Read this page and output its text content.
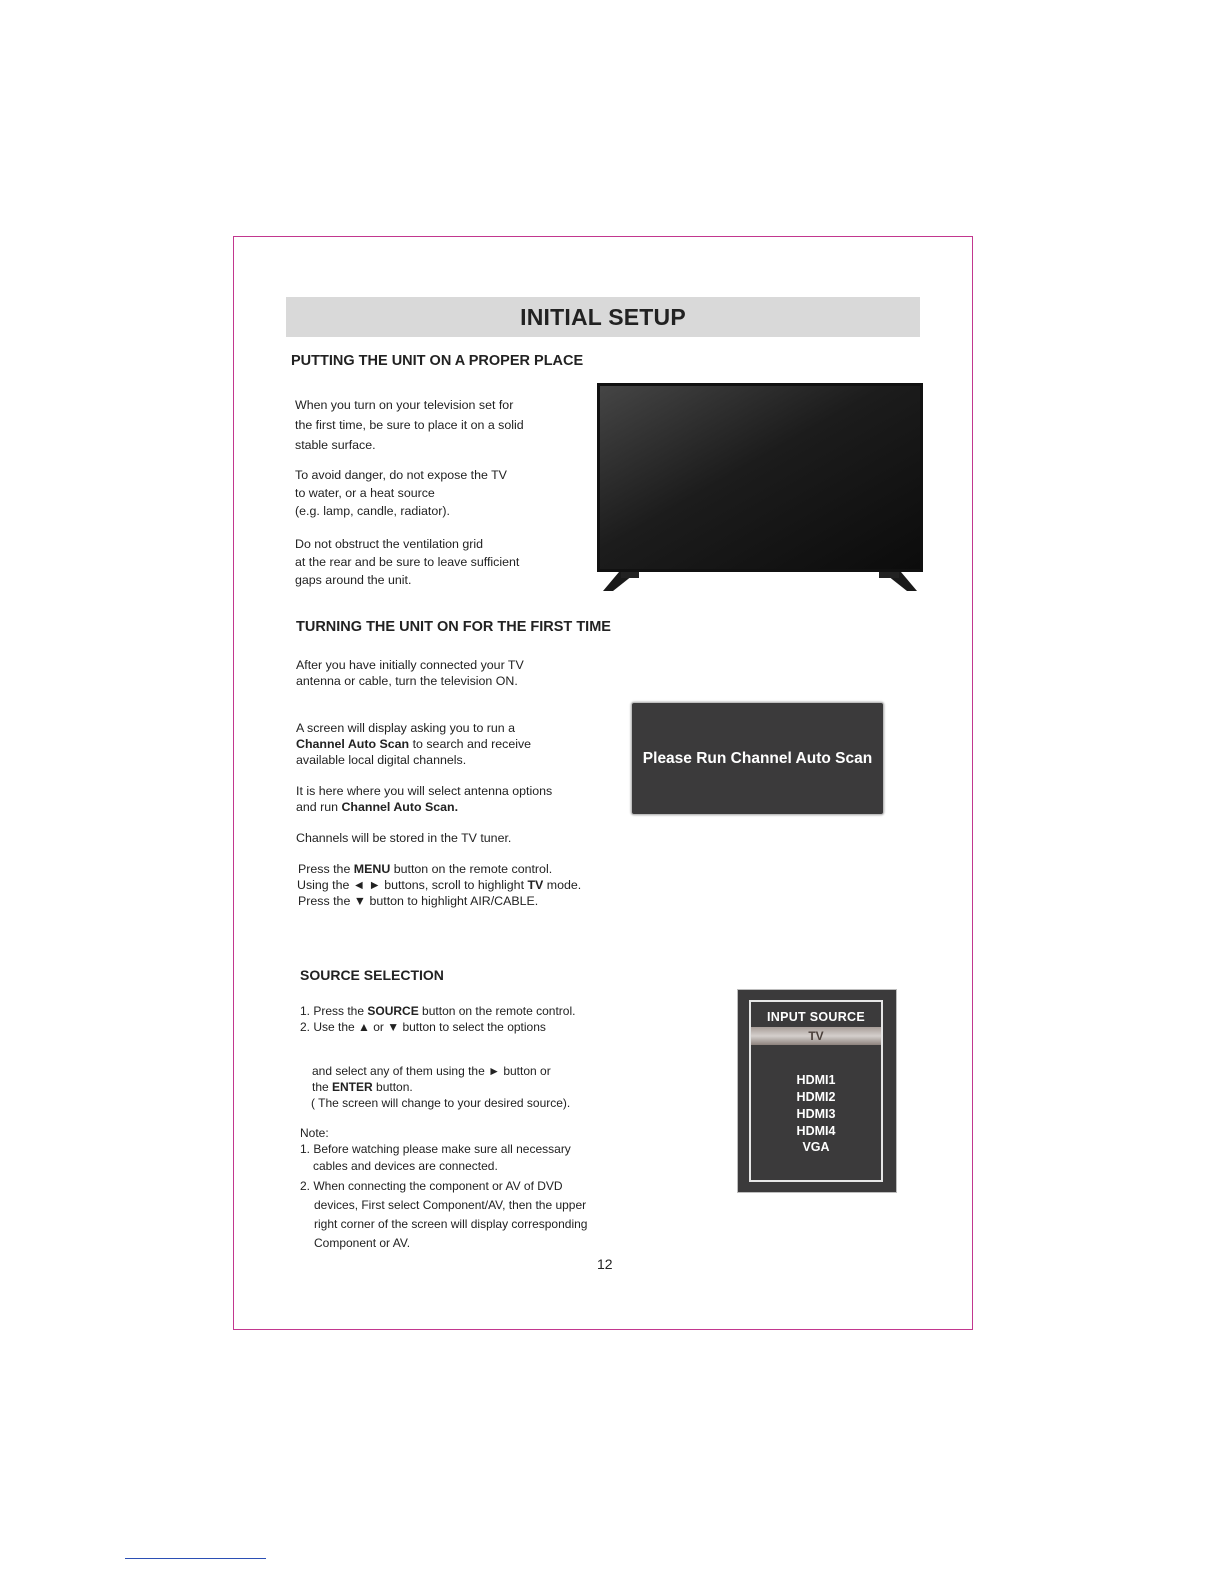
INITIAL SETUP
PUTTING THE UNIT ON A PROPER PLACE
When you turn on your television set for
the first time, be sure to place it on a solid
stable surface.
To avoid danger, do not expose the TV
to water, or a heat source
(e.g. lamp, candle, radiator).
Do not obstruct the ventilation grid
at the rear and be sure to leave sufficient
gaps around the unit.
TURNING THE UNIT ON FOR THE FIRST TIME
After you have initially connected your TV
antenna or cable, turn the television ON.
A screen will display asking you to run a
Channel Auto Scan to search and receive
available local digital channels.
It is here where you will select antenna options
and run Channel Auto Scan.
Channels will be stored in the TV tuner.
Press the MENU button on the remote control.
Using the ◄ ► buttons, scroll to highlight TV mode.
Press the ▼ button to highlight AIR/CABLE.
Please Run Channel Auto Scan
SOURCE SELECTION
1. Press the SOURCE button on the remote control.
2. Use the ▲ or ▼ button to select the options
and select any of them using the ► button or
the ENTER button.
( The screen will change to your desired source).
Note:
1. Before watching please make sure all necessary
cables and devices are connected.
2. When connecting the component or AV of DVD
devices, First select Component/AV, then the upper
right corner of the screen will display corresponding
Component or AV.
INPUT SOURCE
TV
HDMI1
HDMI2
HDMI3
HDMI4
VGA
12
